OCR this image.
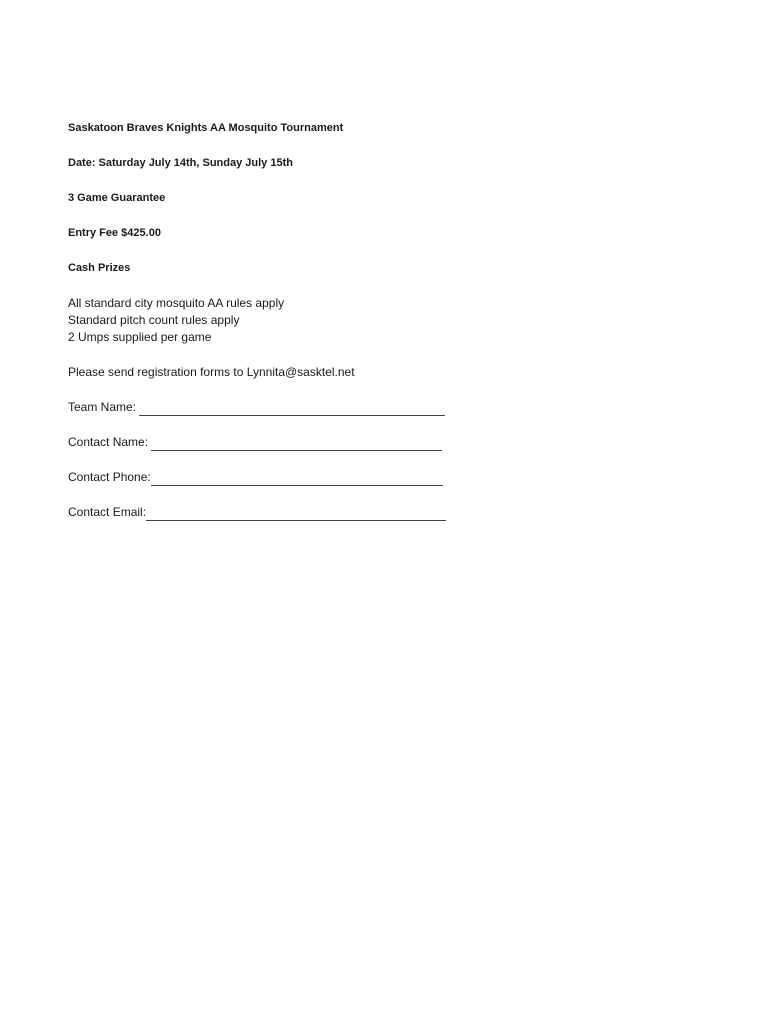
Saskatoon Braves Knights AA Mosquito Tournament

Date: Saturday July 14th, Sunday July 15th

3 Game Guarantee

Entry Fee $425.00

Cash Prizes

All standard city mosquito AA rules apply

Standard pitch count rules apply

2 Umps supplied per game

Please send registration forms to Lynnita@sasktel.net

Team Name:
Contact Name:
Contact Phone:
Contact Email:
